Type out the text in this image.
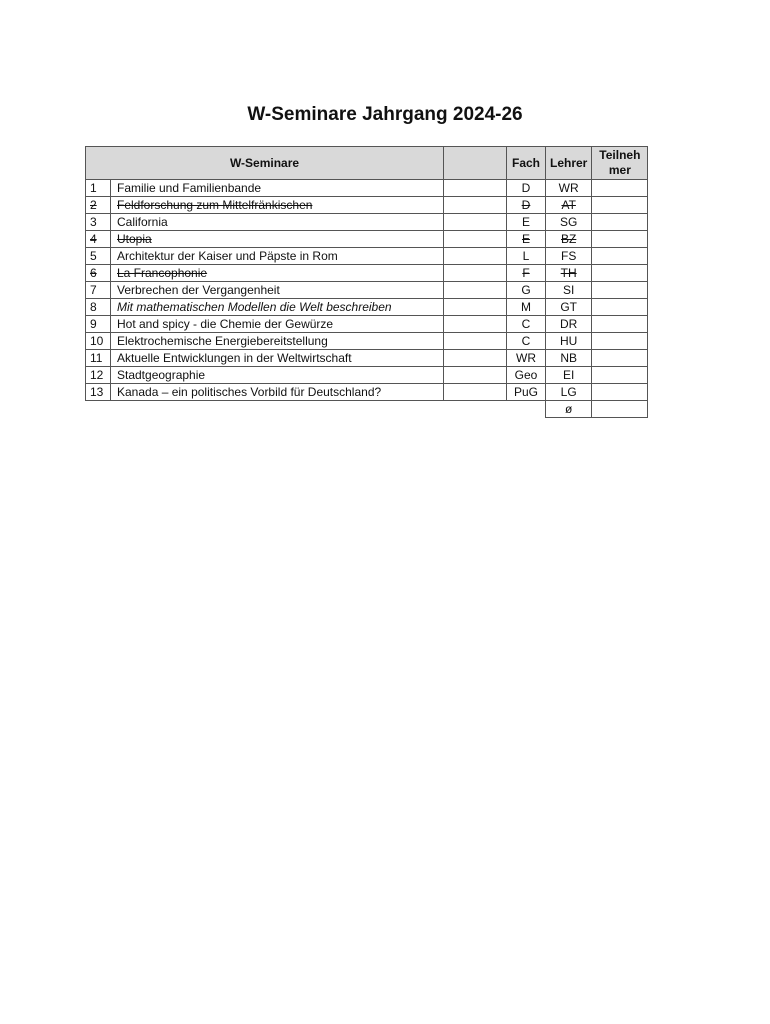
W-Seminare Jahrgang 2024-26
W-Seminare			Fach	Lehrer	Teilneh
mer

1	Familie und Familienbande		D	WR	
2	Feldforschung zum Mittelfränkischen		D	AT	
3	California		E	SG	
4	Utopia		E	BZ	
5	Architektur der Kaiser und Päpste in Rom		L	FS	
6	La Francophonie		F	TH	
7	Verbrechen der Vergangenheit		G	SI	
8	Mit mathematischen Modellen die Welt beschreiben		M	GT	
9	Hot and spicy - die Chemie der Gewürze		C	DR	
10	Elektrochemische Energiebereitstellung		C	HU	
11	Aktuelle Entwicklungen in der Weltwirtschaft		WR	NB	
12	Stadtgeographie		Geo	EI	
13	Kanada – ein politisches Vorbild für Deutschland?		PuG	LG	
				ø	
